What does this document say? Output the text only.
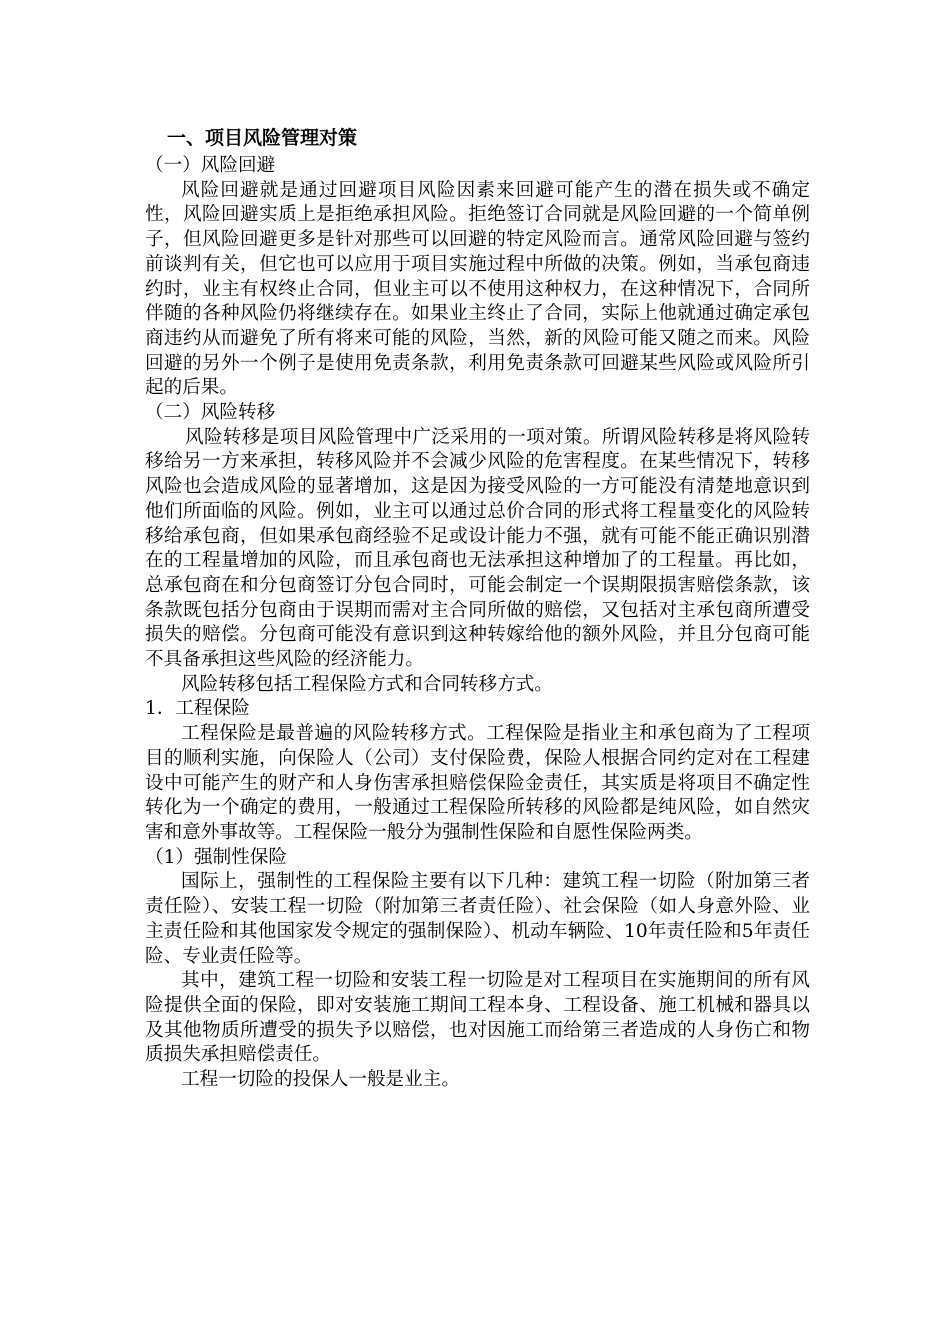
一、项目风险管理对策
（一）风险回避

风险回避就是通过回避项目风险因素来回避可能产生的潜在损失或不确定性，风险回避实质上是拒绝承担风险。拒绝签订合同就是风险回避的一个简单例子，但风险回避更多是针对那些可以回避的特定风险而言。通常风险回避与签约前谈判有关，但它也可以应用于项目实施过程中所做的决策。例如，当承包商违约时，业主有权终止合同，但业主可以不使用这种权力，在这种情况下，合同所伴随的各种风险仍将继续存在。如果业主终止了合同，实际上他就通过确定承包商违约从而避免了所有将来可能的风险，当然，新的风险可能又随之而来。风险回避的另外一个例子是使用免责条款，利用免责条款可回避某些风险或风险所引起的后果。

（二）风险转移

风险转移是项目风险管理中广泛采用的一项对策。所谓风险转移是将风险转移给另一方来承担，转移风险并不会减少风险的危害程度。在某些情况下，转移风险也会造成风险的显著增加，这是因为接受风险的一方可能没有清楚地意识到他们所面临的风险。例如，业主可以通过总价合同的形式将工程量变化的风险转移给承包商，但如果承包商经验不足或设计能力不强，就有可能不能正确识别潜在的工程量增加的风险，而且承包商也无法承担这种增加了的工程量。再比如，总承包商在和分包商签订分包合同时，可能会制定一个误期限损害赔偿条款，该条款既包括分包商由于误期而需对主合同所做的赔偿，又包括对主承包商所遭受损失的赔偿。分包商可能没有意识到这种转嫁给他的额外风险，并且分包商可能不具备承担这些风险的经济能力。

风险转移包括工程保险方式和合同转移方式。

1．工程保险

工程保险是最普遍的风险转移方式。工程保险是指业主和承包商为了工程项目的顺利实施，向保险人（公司）支付保险费，保险人根据合同约定对在工程建设中可能产生的财产和人身伤害承担赔偿保险金责任，其实质是将项目不确定性转化为一个确定的费用，一般通过工程保险所转移的风险都是纯风险，如自然灾害和意外事故等。工程保险一般分为强制性保险和自愿性保险两类。

（1）强制性保险

国际上，强制性的工程保险主要有以下几种：建筑工程一切险（附加第三者责任险）、安装工程一切险（附加第三者责任险）、社会保险（如人身意外险、业主责任险和其他国家发令规定的强制保险）、机动车辆险、10年责任险和5年责任险、专业责任险等。

其中，建筑工程一切险和安装工程一切险是对工程项目在实施期间的所有风险提供全面的保险，即对安装施工期间工程本身、工程设备、施工机械和器具以及其他物质所遭受的损失予以赔偿，也对因施工而给第三者造成的人身伤亡和物质损失承担赔偿责任。

工程一切险的投保人一般是业主。
